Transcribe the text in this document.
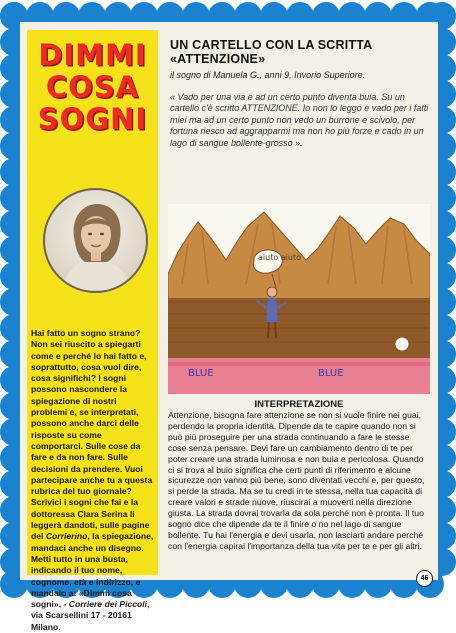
DIMMI
COSA
SOGNI
Hai fatto un sogno strano? Non sei riuscito a spiegarti come e perché lo hai fatto e, soprattutto, cosa vuol dire, cosa significhi? I sogni possono nascondere la spiegazione di nostri problemi e, se interpretati, possono anche darci delle risposte su come comportarci. Sulle cose da fare e da non fare. Sulle decisioni da prendere. Vuoi partecipare anche tu a questa rubrica del tuo giornale? Scrivici i sogni che fai e la dottoressa Clara Serina li leggerà dandoti, sulle pagine del Corrierino, la spiegazione, mandaci anche un disegno. Metti tutto in una busta, indicando il tuo nome, cognome, età e indirizzo, e mandalo a: «Dimmi cosa sogni», - Corriere dei Piccoli, via Scarsellini 17 - 20161 Milano.
UN CARTELLO CON LA SCRITTA «ATTENZIONE»
il sogno di Manuela G., anni 9, Invorio Superiore.
« Vado per una via e ad un certo punto diventa buia. Su un cartello c'è scritto ATTENZIONE. Io non lo leggo e vado per i fatti miei ma ad un certo punto non vedo un burrone e scivolo, per fortuna riesco ad aggrapparmi ma non ho più forze e cado in un lago di sangue bollente-grosso ».
aiuto aiuto
BLUE	BLUE
INTERPRETAZIONE
Attenzione, bisogna fare attenzione se non si vuole finire nei guai, perdendo la propria identità. Dipende da te capire quando non si può più proseguire per una strada continuando a fare le stesse cose senza pensare. Devi fare un cambiamento dentro di te per poter creare una strada luminosa e non buia e pericolosa. Quando ci si trova al buio significa che certi punti di riferimento e alcune sicurezze non vanno più bene, sono diventati vecchi e, per questo, si perde la strada. Ma se tu credi in te stessa, nella tua capacità di creare valori e strade nuove, riuscirai a muoverti nella direzione giusta. La strada dovrai trovarla da sola perché non è pronta. Il tuo sogno dice che dipende da te il finire o no nel lago di sangue bollente. Tu hai l'energia e devi usarla, non lasciarti andare perché con l'energia capirai l'importanza della tua vita per te e per gli altri.
46
